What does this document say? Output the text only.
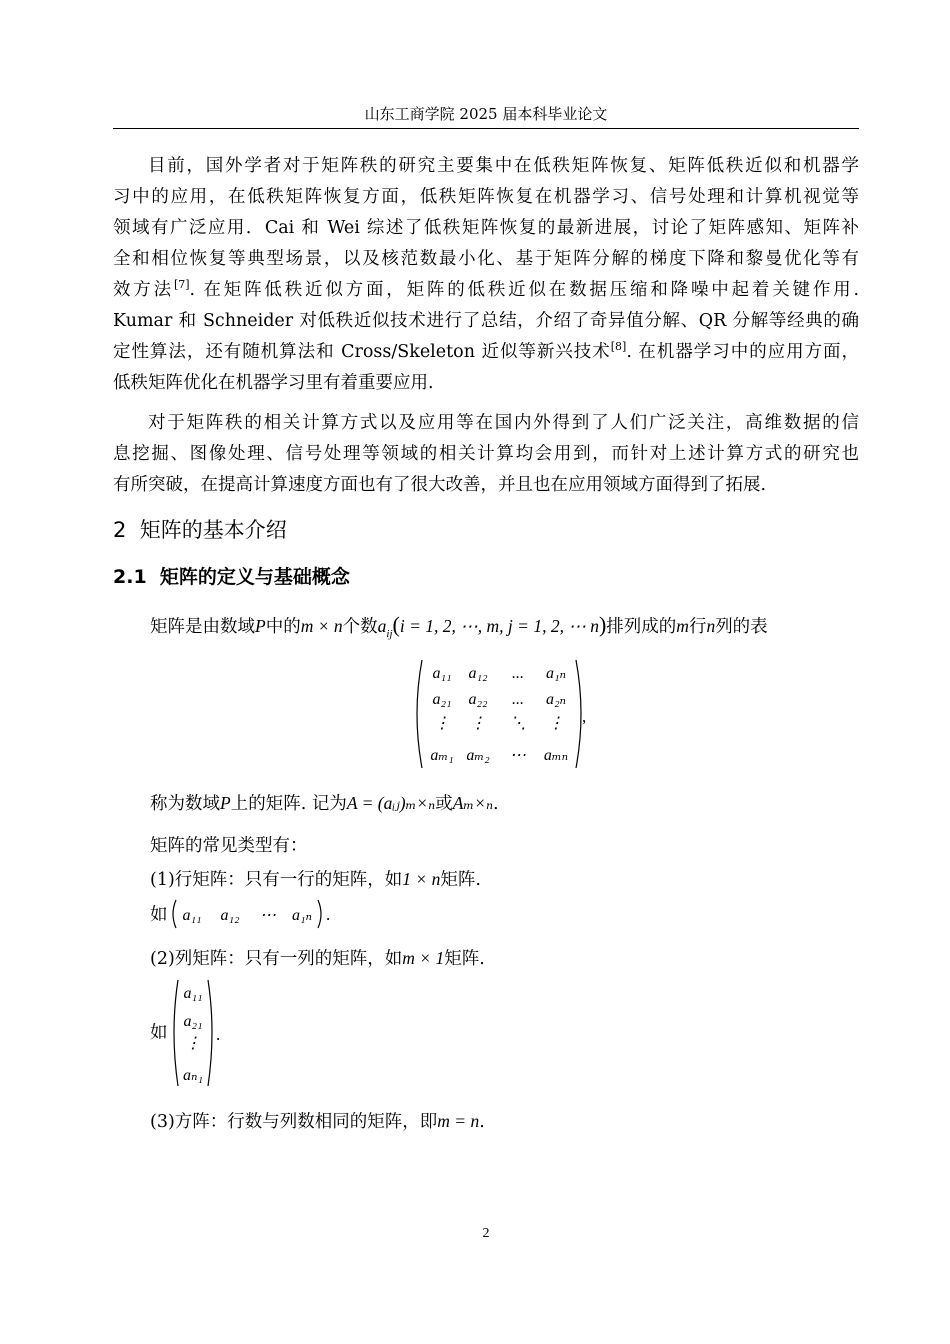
山东工商学院 2025 届本科毕业论文
目前，国外学者对于矩阵秩的研究主要集中在低秩矩阵恢复、矩阵低秩近似和机器学
习中的应用，在低秩矩阵恢复方面，低秩矩阵恢复在机器学习、信号处理和计算机视觉等
领域有广泛应用．Cai 和 Wei 综述了低秩矩阵恢复的最新进展，讨论了矩阵感知、矩阵补
全和相位恢复等典型场景，以及核范数最小化、基于矩阵分解的梯度下降和黎曼优化等有
效方法[7]. 在矩阵低秩近似方面，矩阵的低秩近似在数据压缩和降噪中起着关键作用.
Kumar 和 Schneider 对低秩近似技术进行了总结，介绍了奇异值分解、QR 分解等经典的确
定性算法，还有随机算法和 Cross/Skeleton 近似等新兴技术[8]. 在机器学习中的应用方面，
低秩矩阵优化在机器学习里有着重要应用.
对于矩阵秩的相关计算方式以及应用等在国内外得到了人们广泛关注，高维数据的信
息挖掘、图像处理、信号处理等领域的相关计算均会用到，而针对上述计算方式的研究也
有所突破，在提高计算速度方面也有了很大改善，并且也在应用领域方面得到了拓展.
2 矩阵的基本介绍
2.1 矩阵的定义与基础概念
矩阵是由数域P中的m × n个数$a_{ij}(i = 1$, 2, ⋯, m, j = 1, 2, ⋯ n)排列成的m行n列的表
a₁₁ a₁₂ ... a₁ₙ
a₂₁ a₂₂ ... a₂ₙ
⋮ ⋮ ⋱ ⋮
aₘ₁ aₘ₂ ⋯ aₘₙ
,
称为数域P上的矩阵. 记为A = (aᵢⱼ)ₘ×ₙ或Aₘ×ₙ.
矩阵的常见类型有：
(1)行矩阵：只有一行的矩阵，如1 × n矩阵.
如 a₁₁ a₁₂ ⋯ a₁ₙ .
(2)列矩阵：只有一列的矩阵，如m × 1矩阵.
如
a₁₁
a₂₁
⋮
aₙ₁
.
(3)方阵：行数与列数相同的矩阵，即m = n.
2
